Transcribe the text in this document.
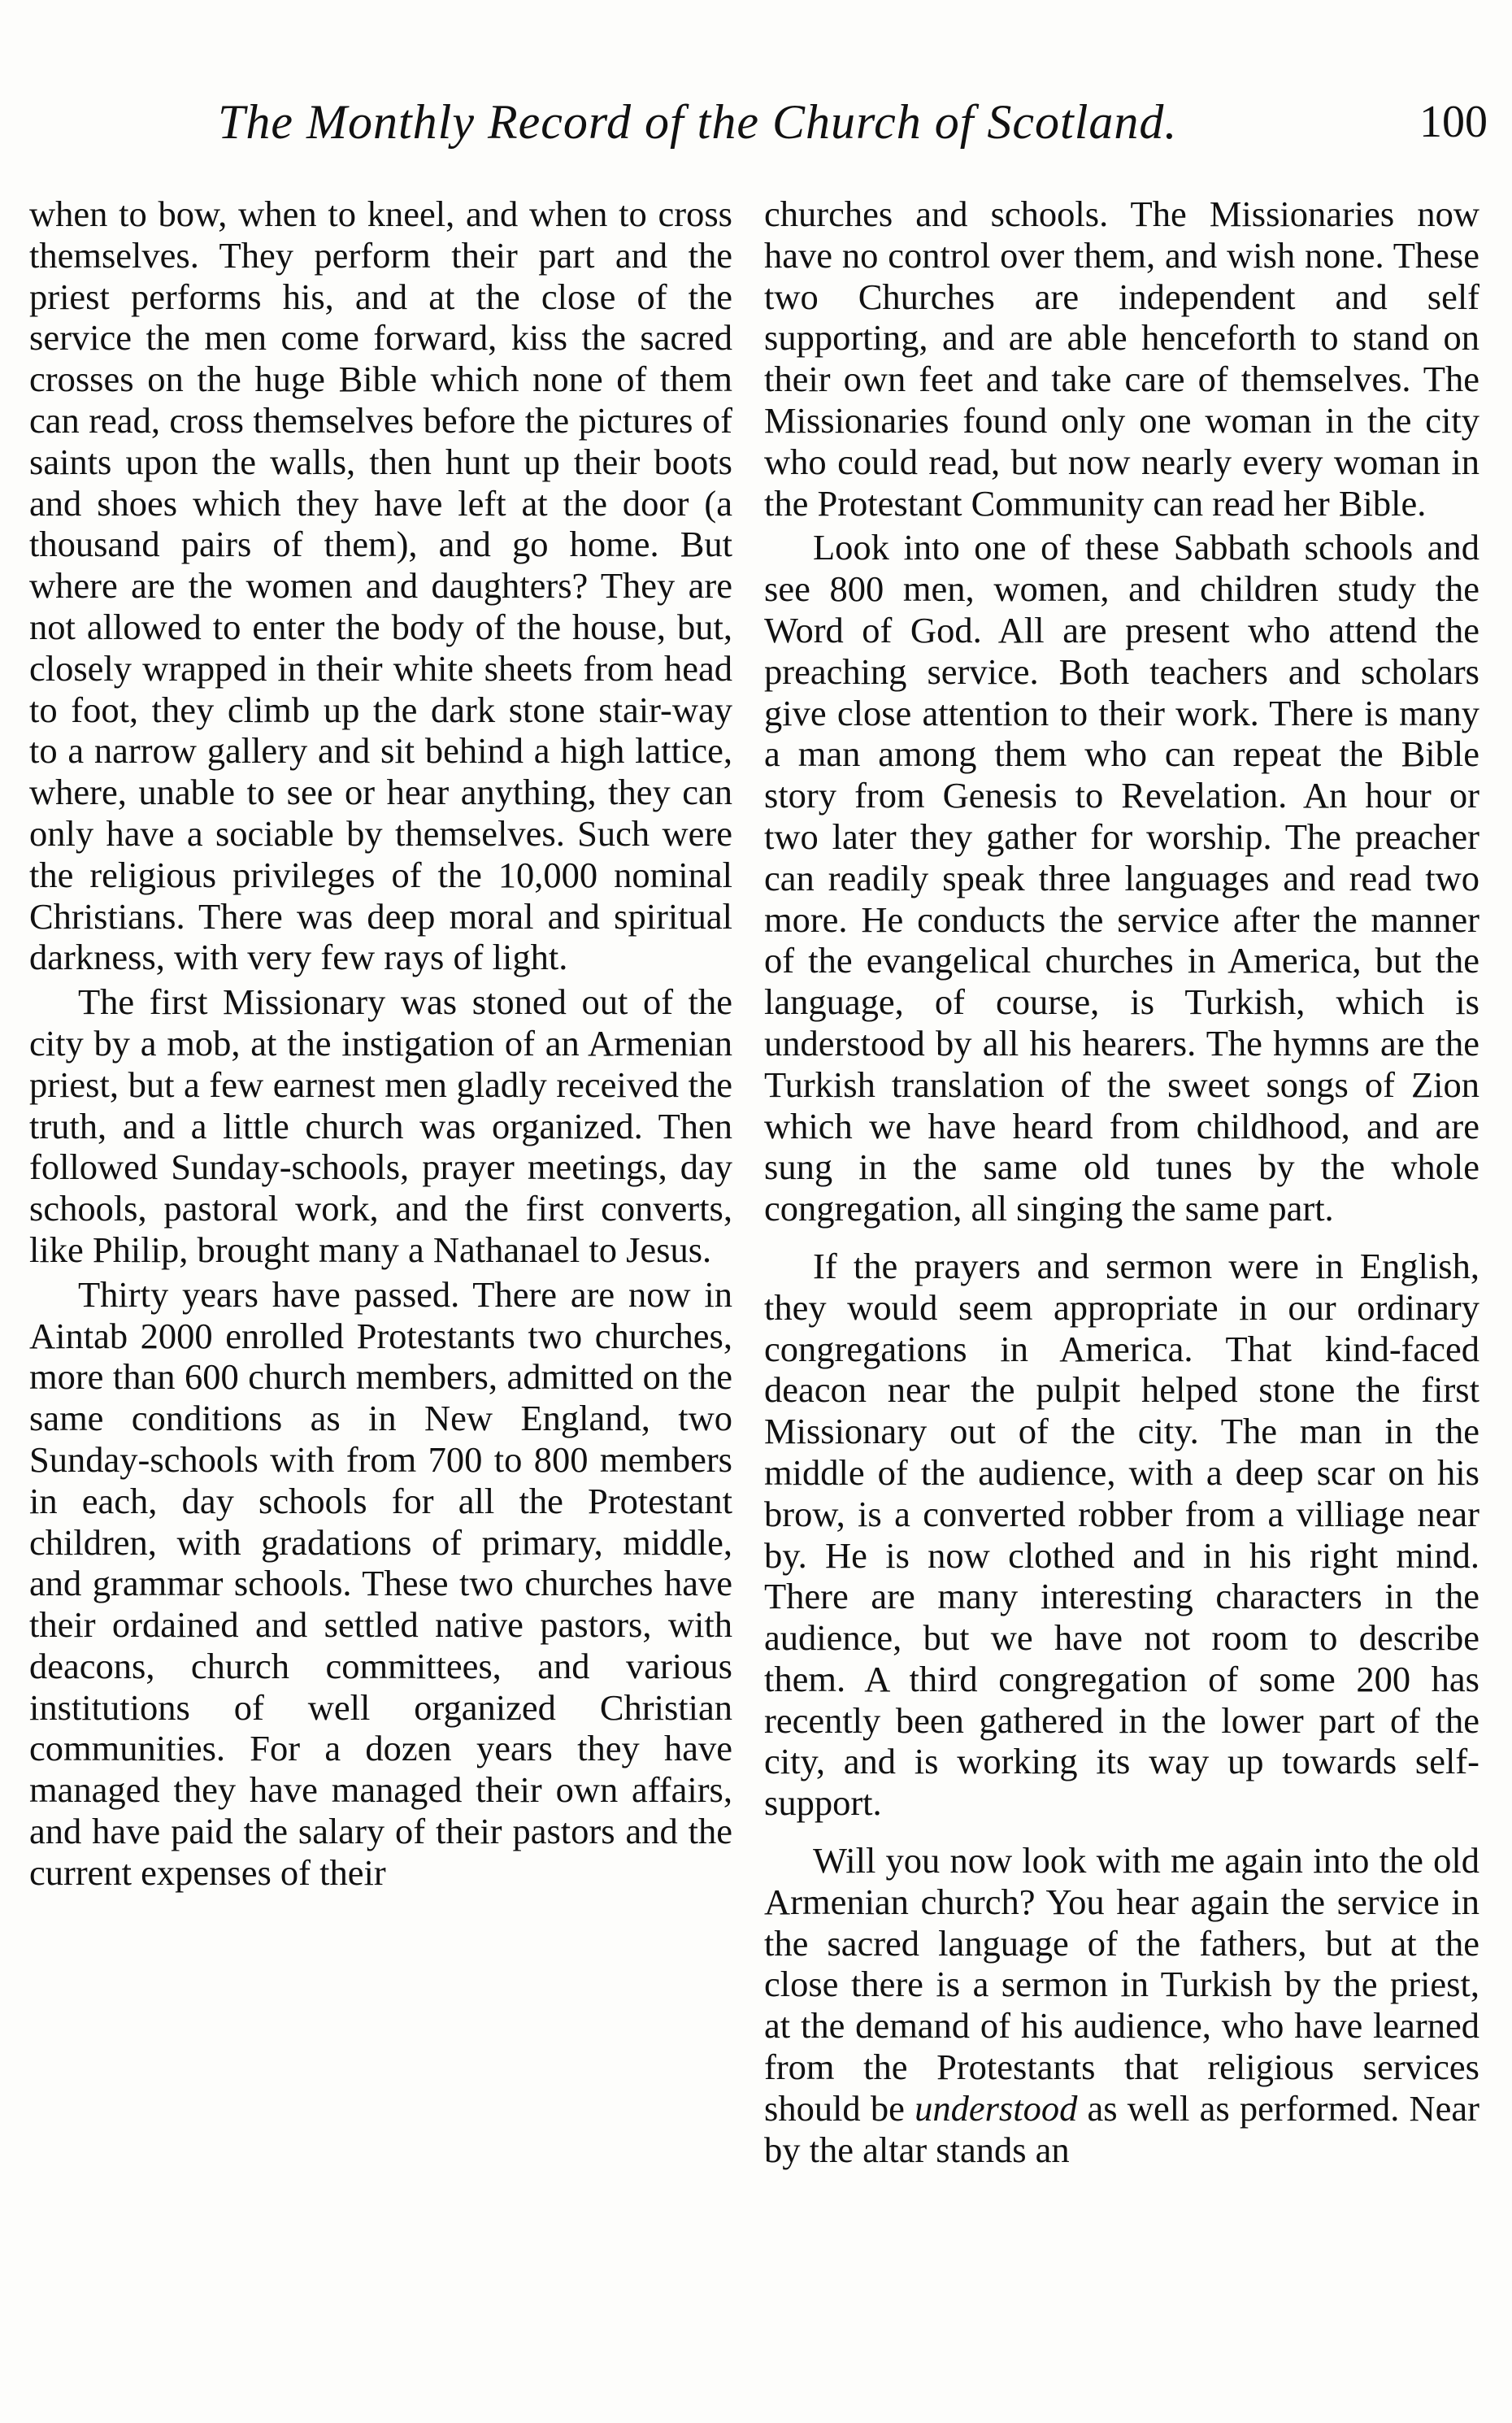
The Monthly Record of the Church of Scotland.	100

when to bow, when to kneel, and when to cross themselves. They perform their part and the priest performs his, and at the close of the service the men come forward, kiss the sacred crosses on the huge Bible which none of them can read, cross themselves before the pictures of saints upon the walls, then hunt up their boots and shoes which they have left at the door (a thousand pairs of them), and go home. But where are the women and daughters? They are not allowed to enter the body of the house, but, closely wrapped in their white sheets from head to foot, they climb up the dark stone stair-way to a narrow gallery and sit behind a high lattice, where, unable to see or hear anything, they can only have a sociable by themselves. Such were the religious privileges of the 10,000 nominal Christians. There was deep moral and spiritual darkness, with very few rays of light.

The first Missionary was stoned out of the city by a mob, at the instigation of an Armenian priest, but a few earnest men gladly received the truth, and a little church was organized. Then followed Sunday-schools, prayer meetings, day schools, pastoral work, and the first converts, like Philip, brought many a Nathanael to Jesus.

Thirty years have passed. There are now in Aintab 2000 enrolled Protestants two churches, more than 600 church members, admitted on the same conditions as in New England, two Sunday-schools with from 700 to 800 members in each, day schools for all the Protestant children, with gradations of primary, middle, and grammar schools. These two churches have their ordained and settled native pastors, with deacons, church committees, and various institutions of well organized Christian communities. For a dozen years they have managed they have managed their own affairs, and have paid the salary of their pastors and the current expenses of their

churches and schools. The Missionaries now have no control over them, and wish none. These two Churches are independent and self supporting, and are able henceforth to stand on their own feet and take care of themselves. The Missionaries found only one woman in the city who could read, but now nearly every woman in the Protestant Community can read her Bible.

Look into one of these Sabbath schools and see 800 men, women, and children study the Word of God. All are present who attend the preaching service. Both teachers and scholars give close attention to their work. There is many a man among them who can repeat the Bible story from Genesis to Revelation. An hour or two later they gather for worship. The preacher can readily speak three languages and read two more. He conducts the service after the manner of the evangelical churches in America, but the language, of course, is Turkish, which is understood by all his hearers. The hymns are the Turkish translation of the sweet songs of Zion which we have heard from childhood, and are sung in the same old tunes by the whole congregation, all singing the same part.

If the prayers and sermon were in English, they would seem appropriate in our ordinary congregations in America. That kind-faced deacon near the pulpit helped stone the first Missionary out of the city. The man in the middle of the audience, with a deep scar on his brow, is a converted robber from a villiage near by. He is now clothed and in his right mind. There are many interesting characters in the audience, but we have not room to describe them. A third congregation of some 200 has recently been gathered in the lower part of the city, and is working its way up towards self-support.

Will you now look with me again into the old Armenian church? You hear again the service in the sacred language of the fathers, but at the close there is a sermon in Turkish by the priest, at the demand of his audience, who have learned from the Protestants that religious services should be understood as well as performed. Near by the altar stands an
